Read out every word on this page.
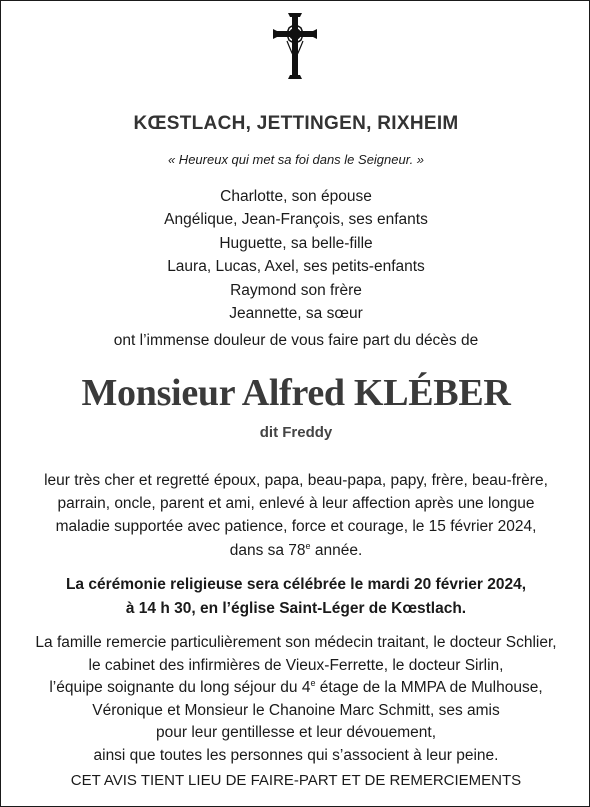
KŒSTLACH, JETTINGEN, RIXHEIM
« Heureux qui met sa foi dans le Seigneur. »
Charlotte, son épouse
Angélique, Jean-François, ses enfants
Huguette, sa belle-fille
Laura, Lucas, Axel, ses petits-enfants
Raymond son frère
Jeannette, sa sœur
ont l’immense douleur de vous faire part du décès de
Monsieur Alfred KLÉBER
dit Freddy
leur très cher et regretté époux, papa, beau-papa, papy, frère, beau-frère,
parrain, oncle, parent et ami, enlevé à leur affection après une longue
maladie supportée avec patience, force et courage, le 15 février 2024,
dans sa 78e année.
La cérémonie religieuse sera célébrée le mardi 20 février 2024,
à 14 h 30, en l’église Saint-Léger de Kœstlach.
La famille remercie particulièrement son médecin traitant, le docteur Schlier,
le cabinet des infirmières de Vieux-Ferrette, le docteur Sirlin,
l’équipe soignante du long séjour du 4e étage de la MMPA de Mulhouse,
Véronique et Monsieur le Chanoine Marc Schmitt, ses amis
pour leur gentillesse et leur dévouement,
ainsi que toutes les personnes qui s’associent à leur peine.
CET AVIS TIENT LIEU DE FAIRE-PART ET DE REMERCIEMENTS
